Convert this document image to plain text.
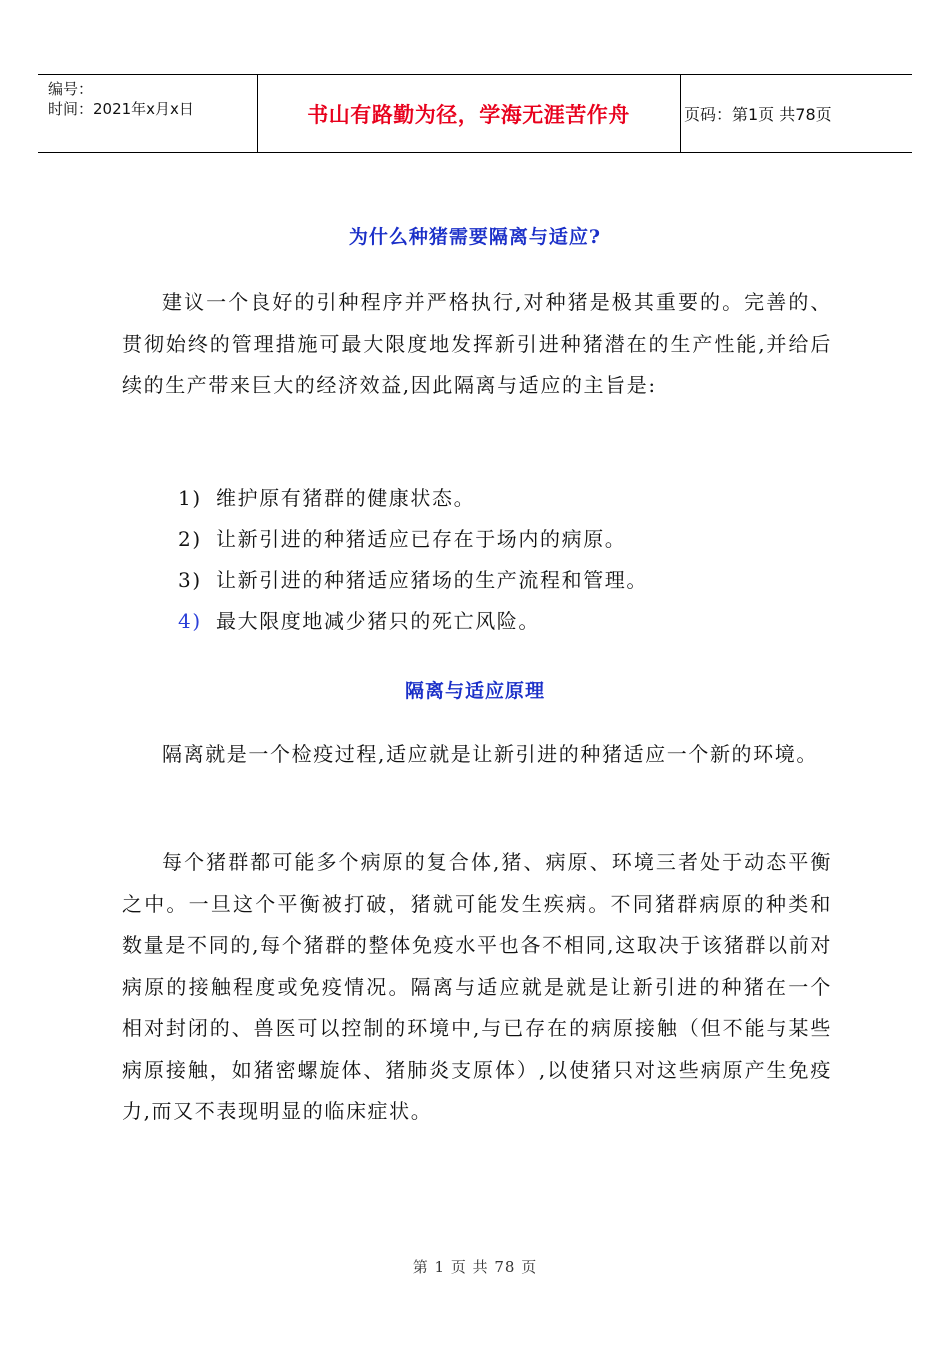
编号：
时间：2021年x月x日	书山有路勤为径，学海无涯苦作舟	页码：第1页 共78页
为什么种猪需要隔离与适应?

建议一个良好的引种程序并严格执行,对种猪是极其重要的。完善的、贯彻始终的管理措施可最大限度地发挥新引进种猪潜在的生产性能,并给后续的生产带来巨大的经济效益,因此隔离与适应的主旨是:

1) 维护原有猪群的健康状态。
2) 让新引进的种猪适应已存在于场内的病原。
3) 让新引进的种猪适应猪场的生产流程和管理。
4) 最大限度地减少猪只的死亡风险。
隔离与适应原理

隔离就是一个检疫过程,适应就是让新引进的种猪适应一个新的环境。

每个猪群都可能多个病原的复合体,猪、病原、环境三者处于动态平衡之中。一旦这个平衡被打破，猪就可能发生疾病。不同猪群病原的种类和数量是不同的,每个猪群的整体免疫水平也各不相同,这取决于该猪群以前对病原的接触程度或免疫情况。隔离与适应就是就是让新引进的种猪在一个相对封闭的、兽医可以控制的环境中,与已存在的病原接触（但不能与某些病原接触，如猪密螺旋体、猪肺炎支原体）,以使猪只对这些病原产生免疫力,而又不表现明显的临床症状。

第 1 页 共 78 页
